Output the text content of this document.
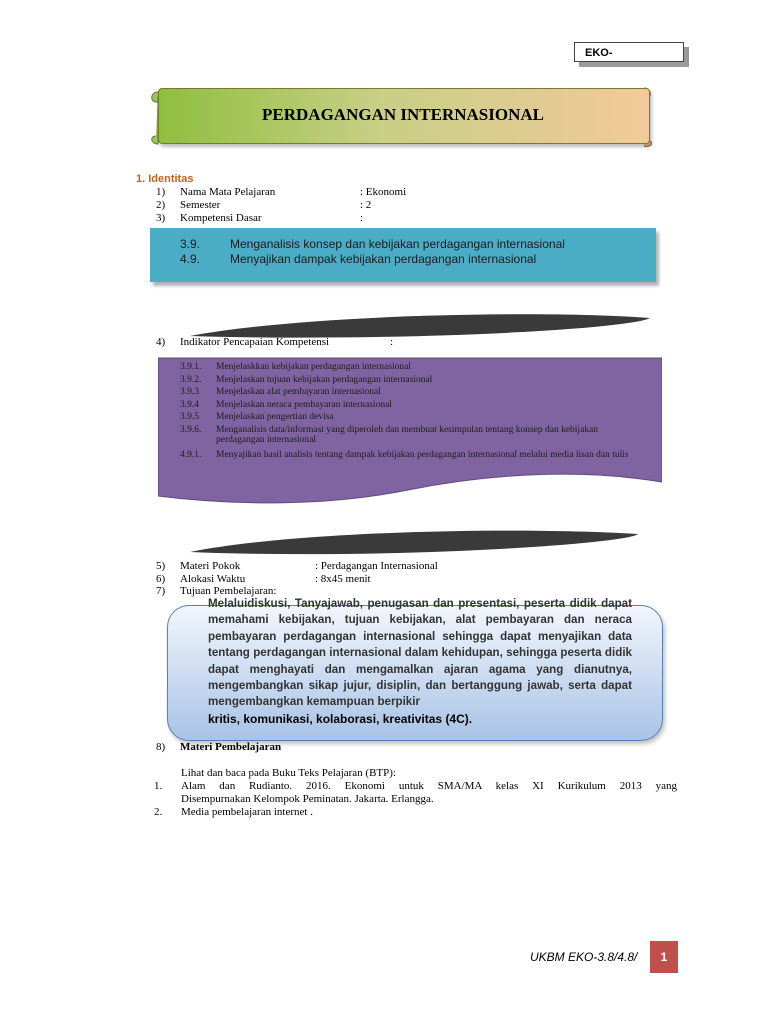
EKO-
PERDAGANGAN INTERNASIONAL
1. Identitas
1) Nama Mata Pelajaran	: Ekonomi
2) Semester	: 2
3) Kompetensi Dasar	:
3.9. Menganalisis konsep dan kebijakan perdagangan internasional
4.9. Menyajikan dampak kebijakan perdagangan internasional
4) Indikator Pencapaian Kompetensi	:
3.9.1. Menjelaskkan kebijakan perdagangan internasional
3.9.2. Menjelaskan tujuan kebijakan perdagangan internasional
3.9.3 Menjelaskan alat pembayaran internasional
3.9.4 Menjelaskan neraca pembayaran internasional
3.9.5 Menjelaskan pengertian devisa
3.9.6. Menganalisis data/informasi yang diperoleh dan membuat kesimpulan tentang konsep dan kebijakan perdagangan internasional
4.9.1. Menyajikan hasil analisis tentang dampak kebijakan perdagangan internasional melalui media lisan dan tulis
5) Materi Pokok	: Perdagangan Internasional
6) Alokasi Waktu	: 8x45 menit
7) Tujuan Pembelajaran:
Melaluidiskusi, Tanyajawab, penugasan dan presentasi, peserta didik dapat memahami kebijakan, tujuan kebijakan, alat pembayaran dan neraca pembayaran perdagangan internasional sehingga dapat menyajikan data tentang perdagangan internasional dalam kehidupan, sehingga peserta didik dapat menghayati dan mengamalkan ajaran agama yang dianutnya, mengembangkan sikap jujur, disiplin, dan bertanggung jawab, serta dapat mengembangkan kemampuan berpikir
kritis, komunikasi, kolaborasi, kreativitas (4C).
8) Materi Pembelajaran
Lihat dan baca pada Buku Teks Pelajaran (BTP):
1. Alam dan Rudianto. 2016. Ekonomi untuk SMA/MA kelas XI Kurikulum 2013 yang
Disempurnakan Kelompok Peminatan. Jakarta. Erlangga.
2. Media pembelajaran internet .
UKBM EKO-3.8/4.8/	1
